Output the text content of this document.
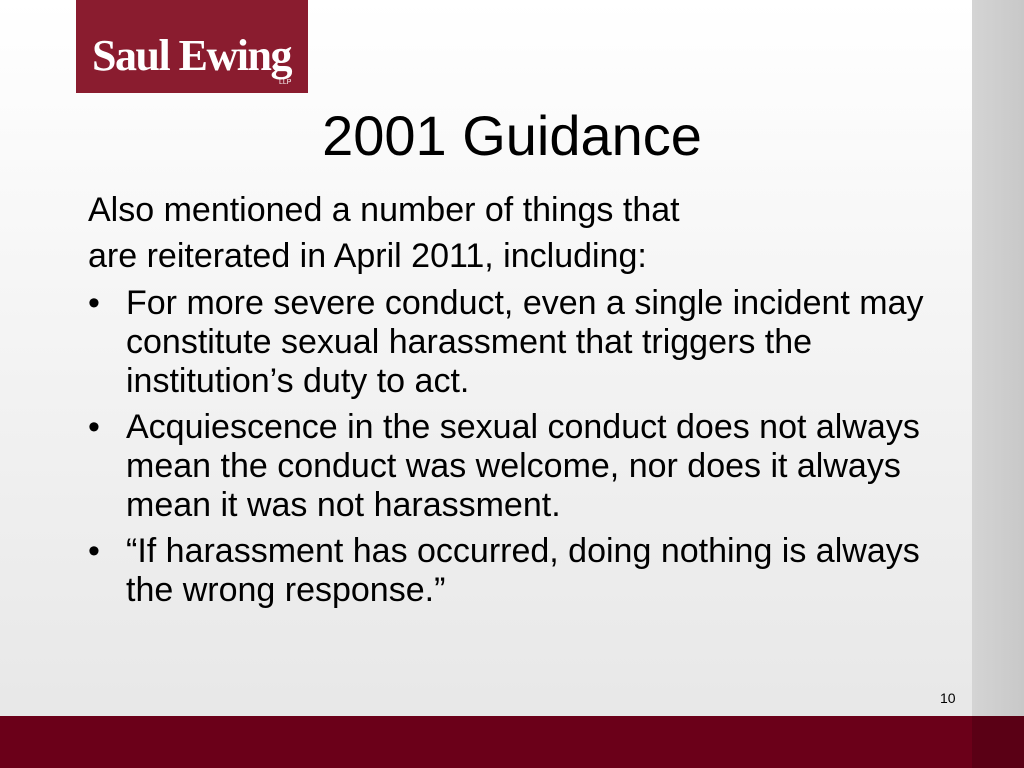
Saul Ewing
LLP
2001 Guidance
Also mentioned a number of things that
are reiterated in April 2011, including:
• For more severe conduct, even a single incident may constitute sexual harassment that triggers the institution’s duty to act.
• Acquiescence in the sexual conduct does not always mean the conduct was welcome, nor does it always mean it was not harassment.
• “If harassment has occurred, doing nothing is always the wrong response.”
10
